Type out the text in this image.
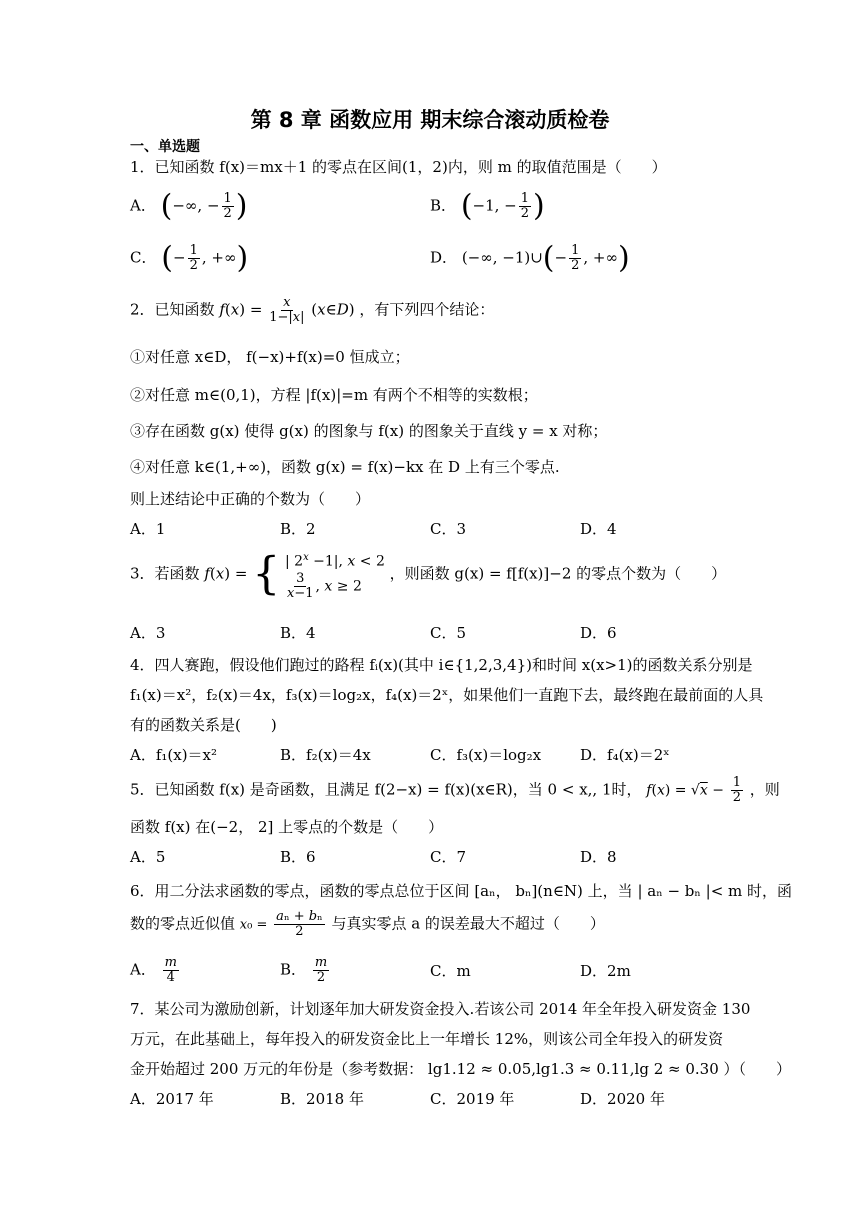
第 8 章 函数应用 期末综合滚动质检卷
一、单选题
1．已知函数 f(x)＝mx＋1 的零点在区间(1，2)内，则 m 的取值范围是（　　）
A． (−∞, − $\frac{1}{2}$ )	B． (−1, − $\frac{1}{2}$ )
C． (− $\frac{1}{2}$ , +∞)	D． (−∞, −1)∪(− $\frac{1}{2}$ , +∞)
2．已知函数 $f(x) = \frac{x}{1-|x|}$ (x∈D) ，有下列四个结论：
①对任意 x∈D， f(−x)+f(x)=0 恒成立；
②对任意 m∈(0,1)，方程 |f(x)|=m 有两个不相等的实数根；
③存在函数 g(x) 使得 g(x) 的图象与 f(x) 的图象关于直线 y = x 对称；
④对任意 k∈(1,+∞)，函数 g(x) = f(x)−kx 在 D 上有三个零点.
则上述结论中正确的个数为（　　）
A．1	B．2	C．3	D．4
3．若函数 f(x) = { | $2^x -1|$, x < 2
$\frac{3}{x-1}$ , x ≥ 2
，则函数 g(x) = f[f(x)]−2 的零点个数为（　　）
A．3	B．4	C．5	D．6
4．四人赛跑，假设他们跑过的路程 fᵢ(x)(其中 i∈{1,2,3,4})和时间 x(x>1)的函数关系分别是
f₁(x)＝x²，f₂(x)＝4x，f₃(x)＝log₂x，f₄(x)＝2ˣ，如果他们一直跑下去，最终跑在最前面的人具
有的函数关系是(　　)
A．f₁(x)＝x²	B．f₂(x)＝4x	C．f₃(x)＝log₂x	D．f₄(x)＝2ˣ
5．已知函数 f(x) 是奇函数，且满足 f(2−x) = f(x)(x∈R)，当 0 < x,, 1时， $f(x) = √x - \frac{1}{2}$ ，则
函数 f(x) 在(−2， 2] 上零点的个数是（　　）
A．5	B．6	C．7	D．8
6．用二分法求函数的零点，函数的零点总位于区间 [aₙ， bₙ](n∈N) 上，当 | aₙ − bₙ |< m 时，函
数的零点近似值 $x_0 = \frac{\text{aₙ + bₙ}}{2}$ 与真实零点 a 的误差最大不超过（　　）
A． $\frac{m}{4}$	B． $\frac{m}{2}$	C．m	D．2m
7．某公司为激励创新，计划逐年加大研发资金投入.若该公司 2014 年全年投入研发资金 130
万元，在此基础上，每年投入的研发资金比上一年增长 12%，则该公司全年投入的研发资
金开始超过 200 万元的年份是（参考数据： lg1.12 ≈ 0.05,lg1.3 ≈ 0.11,lg 2 ≈ 0.30 ）（　　）
A．2017 年	B．2018 年	C．2019 年	D．2020 年
